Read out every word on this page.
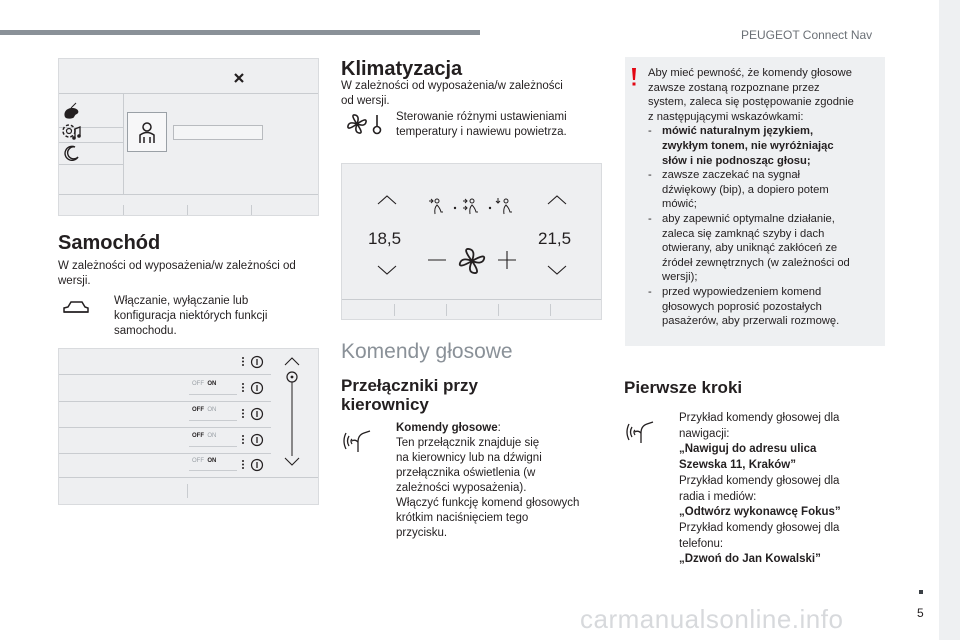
PEUGEOT Connect Nav
5
Samochód
W zależności od wyposażenia/w zależności od wersji.
Włączanie, wyłączanie lub
konfiguracja niektórych funkcji
samochodu.
OFF ON
OFF ON
OFF ON
OFF ON
Klimatyzacja
W zależności od wyposażenia/w zależności
od wersji.
Sterowanie różnymi ustawieniami
temperatury i nawiewu powietrza.
18,5	21,5
Komendy głosowe
Przełączniki przy
kierownicy
Komendy głosowe:
Ten przełącznik znajduje się
na kierownicy lub na dźwigni
przełącznika oświetlenia (w
zależności wyposażenia).
Włączyć funkcję komend głosowych
krótkim naciśnięciem tego
przycisku.
Aby mieć pewność, że komendy głosowe
zawsze zostaną rozpoznane przez
system, zaleca się postępowanie zgodnie
z następującymi wskazówkami:
- mówić naturalnym językiem,
zwykłym tonem, nie wyróżniając
słów i nie podnosząc głosu;
- zawsze zaczekać na sygnał
dźwiękowy (bip), a dopiero potem
mówić;
- aby zapewnić optymalne działanie,
zaleca się zamknąć szyby i dach
otwierany, aby uniknąć zakłóceń ze
źródeł zewnętrznych (w zależności od
wersji);
- przed wypowiedzeniem komend
głosowych poprosić pozostałych
pasażerów, aby przerwali rozmowę.
Pierwsze kroki
Przykład komendy głosowej dla
nawigacji:
„Nawiguj do adresu ulica
Szewska 11, Kraków”
Przykład komendy głosowej dla
radia i mediów:
„Odtwórz wykonawcę Fokus”
Przykład komendy głosowej dla
telefonu:
„Dzwoń do Jan Kowalski”
carmanualsonline.info
